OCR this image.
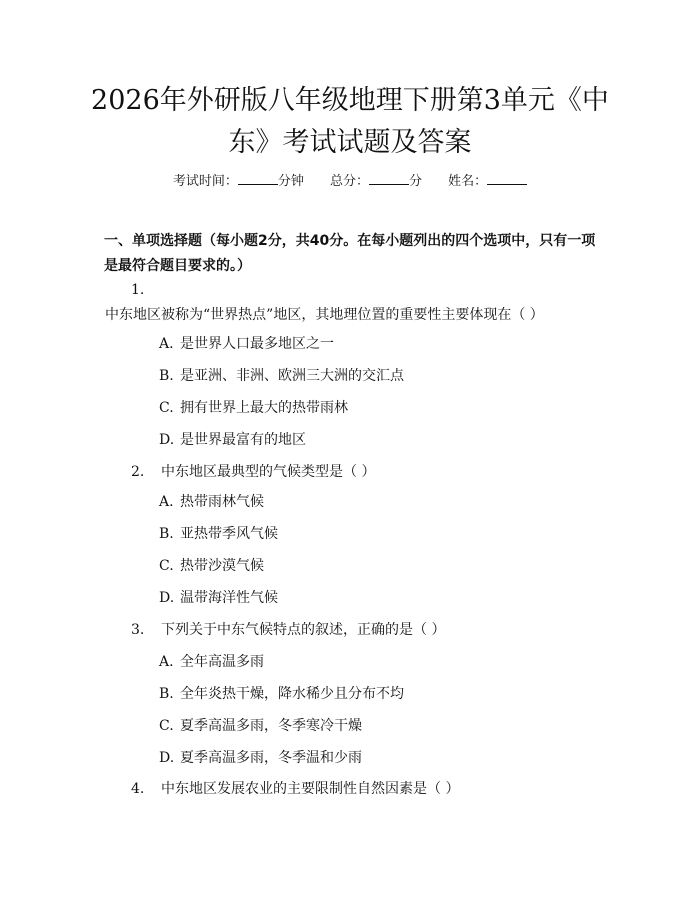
2026年外研版八年级地理下册第3单元《中
东》考试试题及答案
考试时间：	分钟 总分：	分 姓名：
一、单项选择题（每小题2分，共40分。在每小题列出的四个选项中，只有一项是最符合题目要求的。）
1.中东地区被称为“世界热点”地区，其地理位置的重要性主要体现在（ ）
A. 是世界人口最多地区之一
B. 是亚洲、非洲、欧洲三大洲的交汇点
C. 拥有世界上最大的热带雨林
D. 是世界最富有的地区
2. 中东地区最典型的气候类型是（ ）
A. 热带雨林气候
B. 亚热带季风气候
C. 热带沙漠气候
D. 温带海洋性气候
3. 下列关于中东气候特点的叙述，正确的是（ ）
A. 全年高温多雨
B. 全年炎热干燥，降水稀少且分布不均
C. 夏季高温多雨，冬季寒冷干燥
D. 夏季高温多雨，冬季温和少雨
4. 中东地区发展农业的主要限制性自然因素是（ ）
